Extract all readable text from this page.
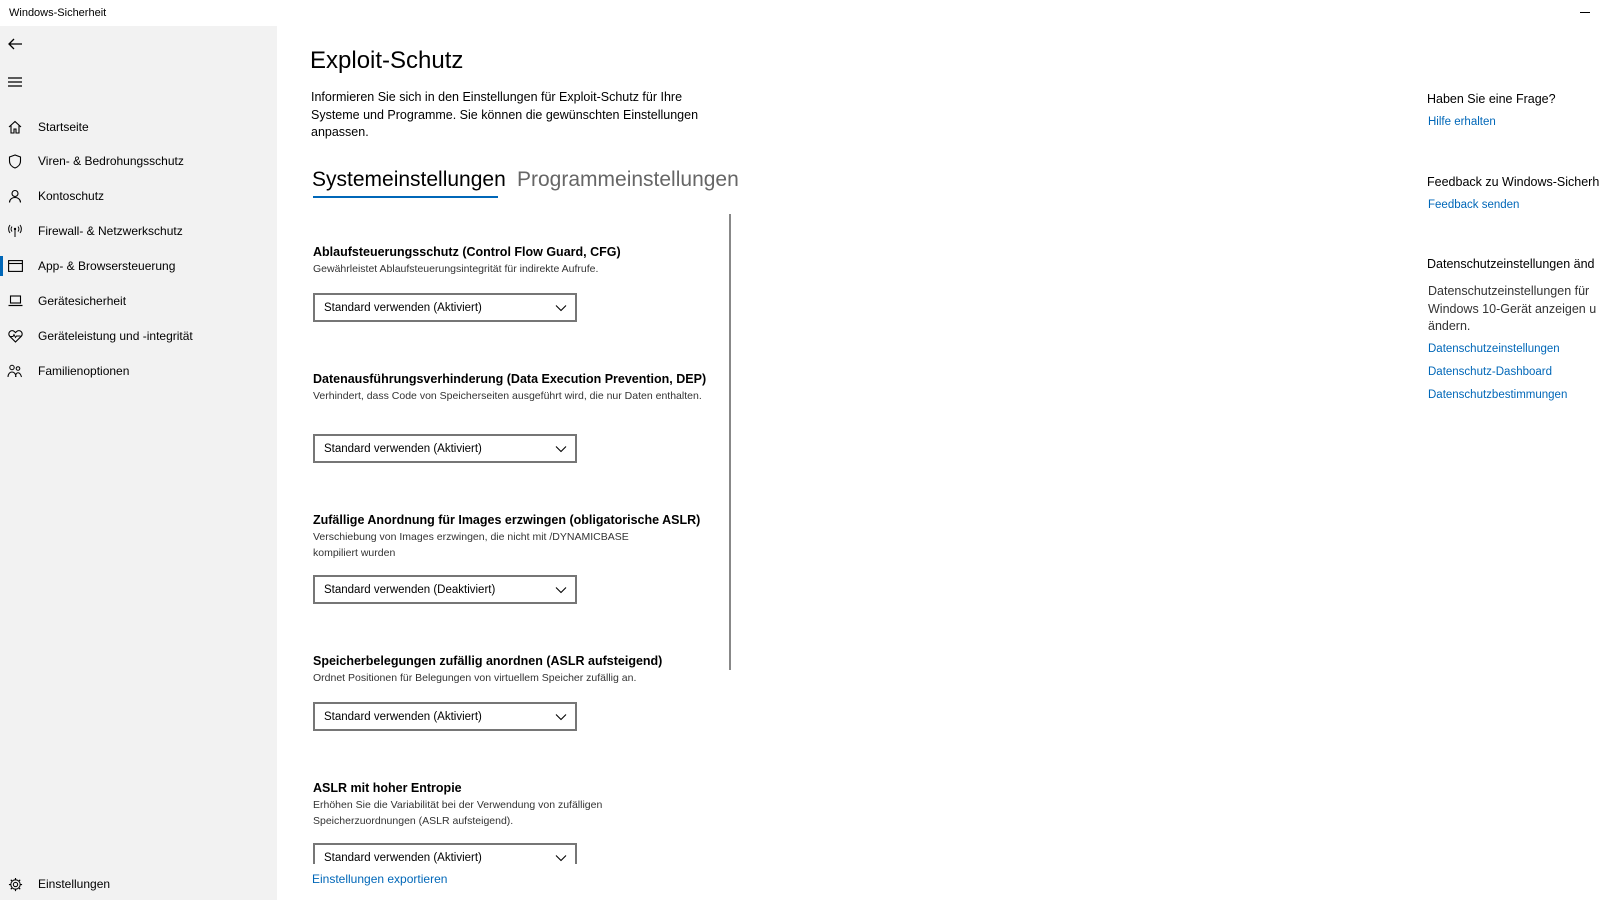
Windows-Sicherheit
Startseite
Viren- & Bedrohungsschutz
Kontoschutz
Firewall- & Netzwerkschutz
App- & Browsersteuerung
Gerätesicherheit
Geräteleistung und -integrität
Familienoptionen
Exploit-Schutz

Informieren Sie sich in den Einstellungen für Exploit-Schutz für Ihre Systeme und Programme. Sie können die gewünschten Einstellungen anpassen.

Systemeinstellungen Programmeinstellungen
Ablaufsteuerungsschutz (Control Flow Guard, CFG)
Gewährleistet Ablaufsteuerungsintegrität für indirekte Aufrufe.
Standard verwenden (Aktiviert)
Datenausführungsverhinderung (Data Execution Prevention, DEP)
Verhindert, dass Code von Speicherseiten ausgeführt wird, die nur Daten enthalten.
Standard verwenden (Aktiviert)
Zufällige Anordnung für Images erzwingen (obligatorische ASLR)
Verschiebung von Images erzwingen, die nicht mit /DYNAMICBASE kompiliert wurden
Standard verwenden (Deaktiviert)
Speicherbelegungen zufällig anordnen (ASLR aufsteigend)
Ordnet Positionen für Belegungen von virtuellem Speicher zufällig an.
Standard verwenden (Aktiviert)
ASLR mit hoher Entropie
Erhöhen Sie die Variabilität bei der Verwendung von zufälligen Speicherzuordnungen (ASLR aufsteigend).
Standard verwenden (Aktiviert)
Einstellungen exportieren
Einstellungen
Haben Sie eine Frage?
Hilfe erhalten
Feedback zu Windows-Sicherh
Feedback senden
Datenschutzeinstellungen änd

Datenschutzeinstellungen für Windows 10-Gerät anzeigen u ändern.

Datenschutzeinstellungen
Datenschutz-Dashboard
Datenschutzbestimmungen
